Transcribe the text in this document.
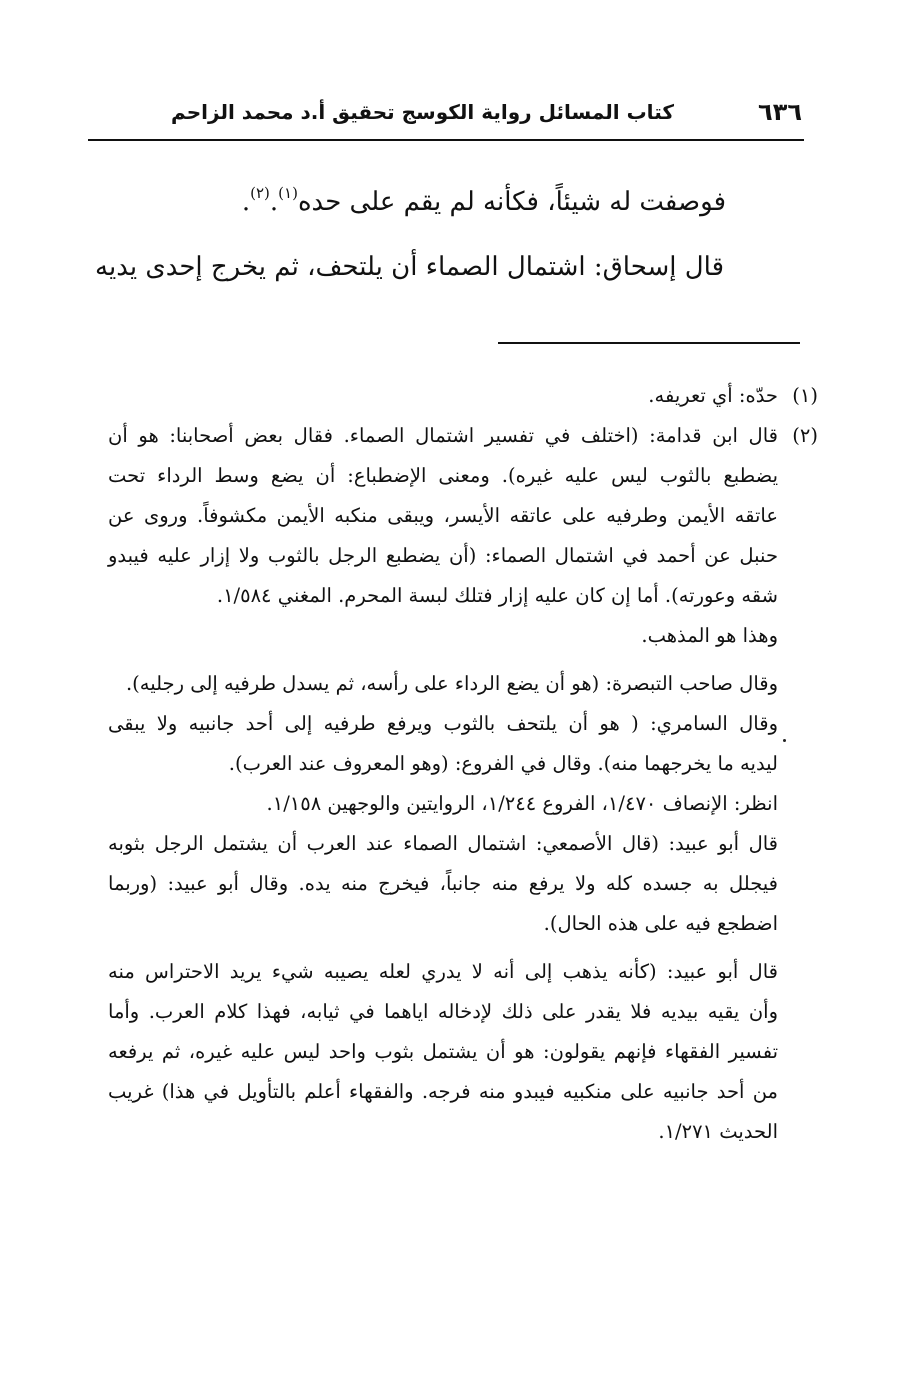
٦٣٦
كتاب المسائل رواية الكوسج تحقيق أ.د محمد الزاحم
فوصفت له شيئاً، فكأنه لم يقم على حده$^{(١)}$.$^{(٢)}$.
قال إسحاق: اشتمال الصماء أن يلتحف، ثم يخرج إحدى يديه
(١)
حدّه: أي تعريفه.
(٢)
قال ابن قدامة: (اختلف في تفسير اشتمال الصماء. فقال بعض أصحابنا: هو أن
يضطبع بالثوب ليس عليه غيره). ومعنى الإضطباع: أن يضع وسط الرداء تحت
عاتقه الأيمن وطرفيه على عاتقه الأيسر، ويبقى منكبه الأيمن مكشوفاً. وروى عن
حنبل عن أحمد في اشتمال الصماء: (أن يضطبع الرجل بالثوب ولا إزار عليه فيبدو
شقه وعورته). أما إن كان عليه إزار فتلك لبسة المحرم. المغني ١/٥٨٤.
وهذا هو المذهب.
وقال صاحب التبصرة: (هو أن يضع الرداء على رأسه، ثم يسدل طرفيه إلى رجليه).
وقال السامري: ( هو أن يلتحف بالثوب ويرفع طرفيه إلى أحد جانبيه ولا يبقى
ليديه ما يخرجهما منه). وقال في الفروع: (وهو المعروف عند العرب).
انظر: الإنصاف ١/٤٧٠، الفروع ١/٢٤٤، الروايتين والوجهين ١/١٥٨.
قال أبو عبيد: (قال الأصمعي: اشتمال الصماء عند العرب أن يشتمل الرجل بثوبه
فيجلل به جسده كله ولا يرفع منه جانباً، فيخرج منه يده. وقال أبو عبيد: (وربما
اضطجع فيه على هذه الحال).
قال أبو عبيد: (كأنه يذهب إلى أنه لا يدري لعله يصيبه شيء يريد الاحتراس منه
وأن يقيه بيديه فلا يقدر على ذلك لإدخاله اياهما في ثيابه، فهذا كلام العرب. وأما
تفسير الفقهاء فإنهم يقولون: هو أن يشتمل بثوب واحد ليس عليه غيره، ثم يرفعه
من أحد جانبيه على منكبيه فيبدو منه فرجه. والفقهاء أعلم بالتأويل في هذا) غريب
الحديث ١/٢٧١.
